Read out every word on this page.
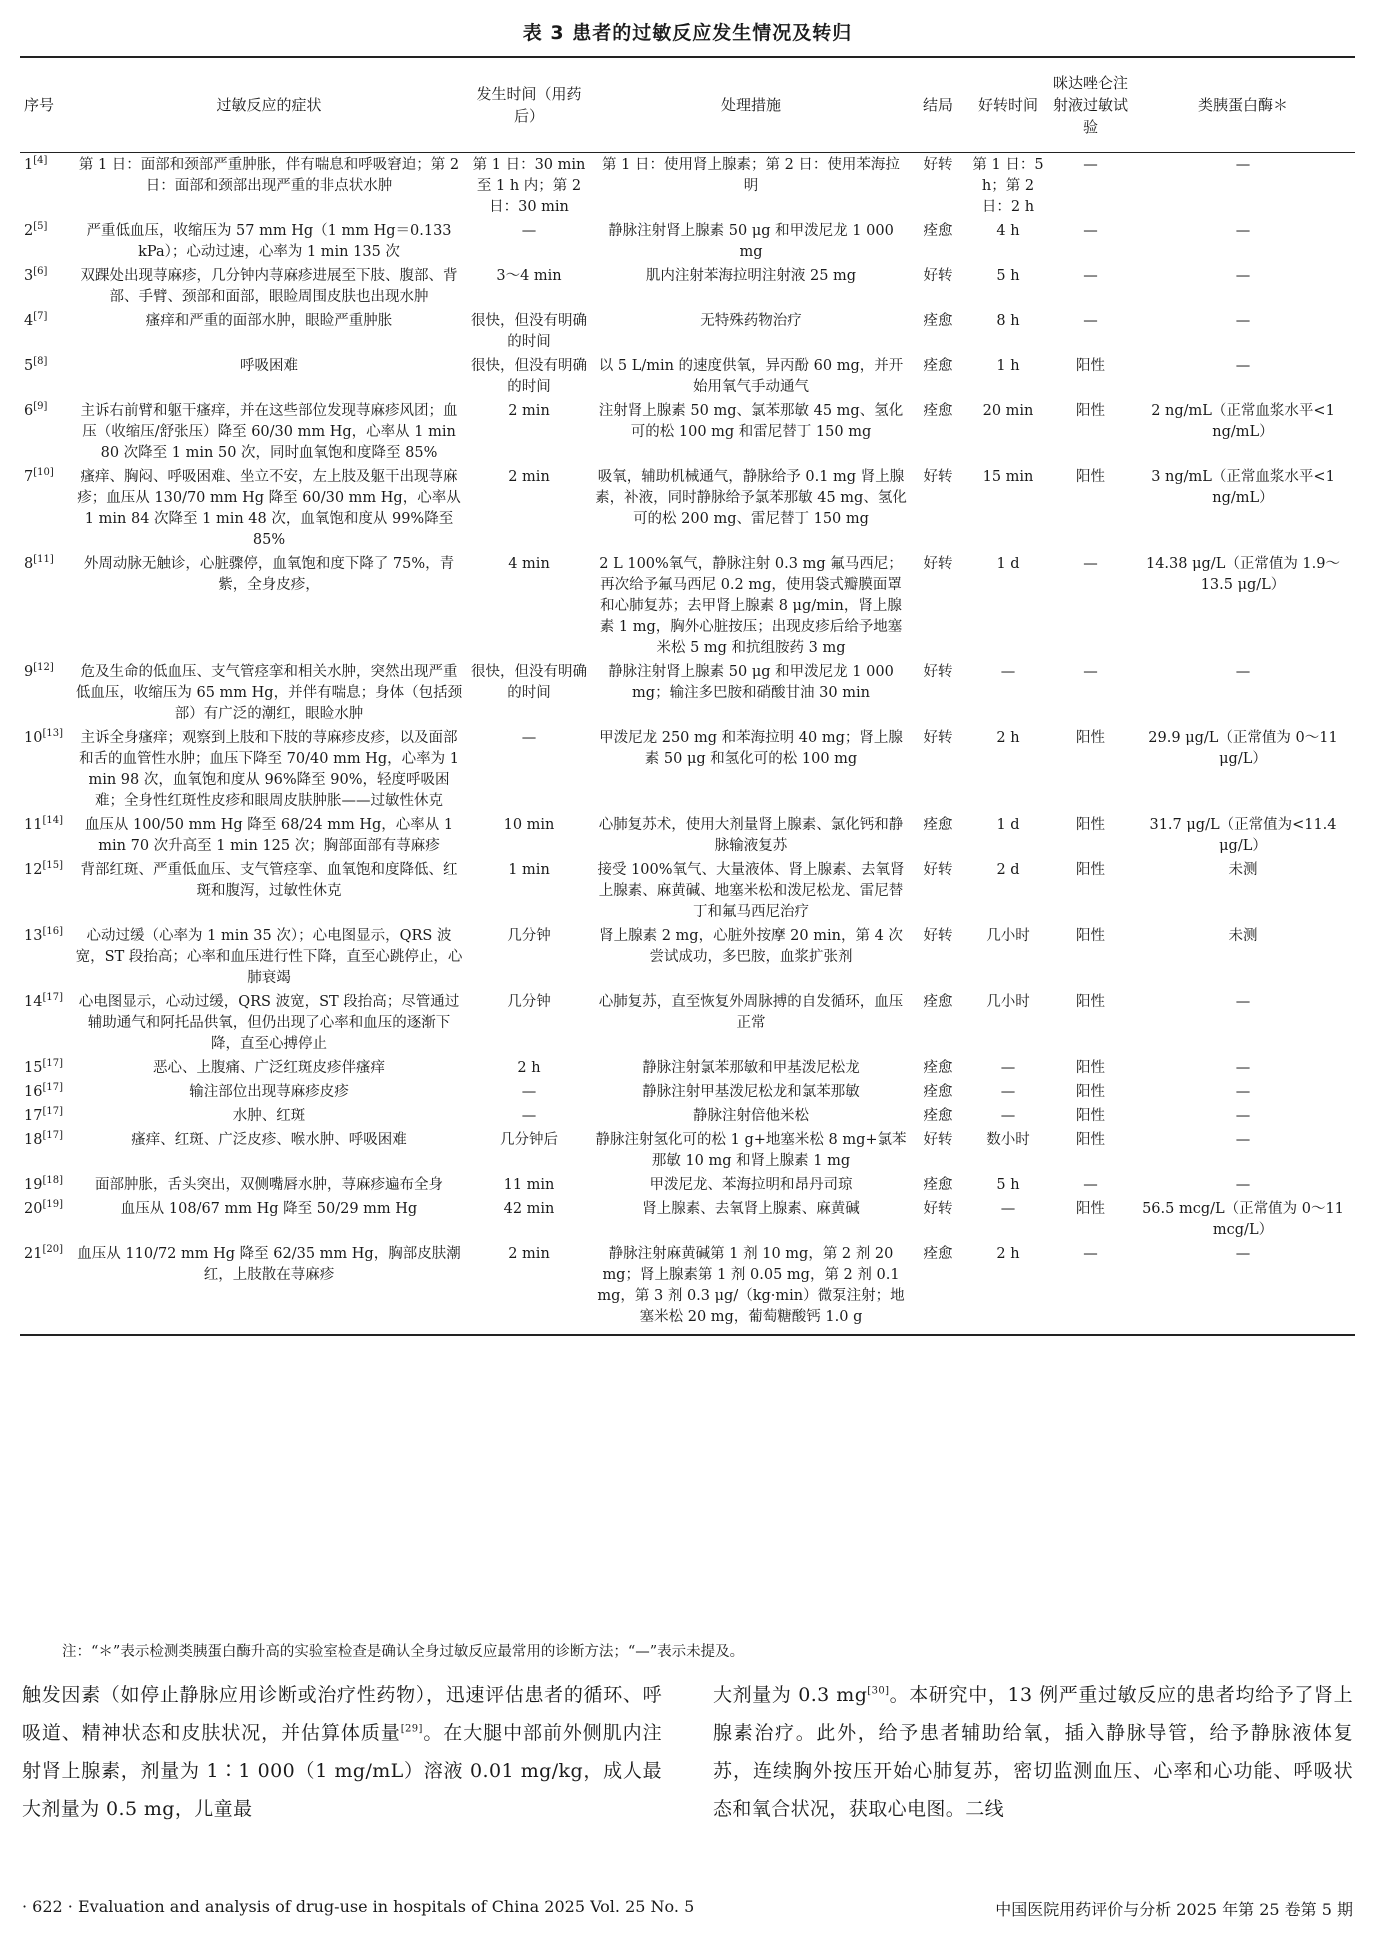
表 3 患者的过敏反应发生情况及转归
序号	过敏反应的症状	发生时间（用药后）	处理措施	结局	好转时间	咪达唑仑注射液过敏试验	类胰蛋白酶＊
1[4]	第 1 日：面部和颈部严重肿胀，伴有喘息和呼吸窘迫；第 2 日：面部和颈部出现严重的非点状水肿	第 1 日：30 min 至 1 h 内；第 2 日：30 min	第 1 日：使用肾上腺素；第 2 日：使用苯海拉明	好转	第 1 日：5 h；第 2 日：2 h	—	—
2[5]	严重低血压，收缩压为 57 mm Hg（1 mm Hg＝0.133 kPa）；心动过速，心率为 1 min 135 次	—	静脉注射肾上腺素 50 μg 和甲泼尼龙 1 000 mg	痊愈	4 h	—	—
3[6]	双踝处出现荨麻疹，几分钟内荨麻疹进展至下肢、腹部、背部、手臂、颈部和面部，眼睑周围皮肤也出现水肿	3～4 min	肌内注射苯海拉明注射液 25 mg	好转	5 h	—	—
4[7]	瘙痒和严重的面部水肿，眼睑严重肿胀	很快，但没有明确的时间	无特殊药物治疗	痊愈	8 h	—	—
5[8]	呼吸困难	很快，但没有明确的时间	以 5 L/min 的速度供氧，异丙酚 60 mg，并开始用氧气手动通气	痊愈	1 h	阳性	—
6[9]	主诉右前臂和躯干瘙痒，并在这些部位发现荨麻疹风团；血压（收缩压/舒张压）降至 60/30 mm Hg，心率从 1 min 80 次降至 1 min 50 次，同时血氧饱和度降至 85%	2 min	注射肾上腺素 50 mg、氯苯那敏 45 mg、氢化可的松 100 mg 和雷尼替丁 150 mg	痊愈	20 min	阳性	2 ng/mL（正常血浆水平<1 ng/mL）
7[10]	瘙痒、胸闷、呼吸困难、坐立不安，左上肢及躯干出现荨麻疹；血压从 130/70 mm Hg 降至 60/30 mm Hg，心率从 1 min 84 次降至 1 min 48 次，血氧饱和度从 99%降至 85%	2 min	吸氧，辅助机械通气，静脉给予 0.1 mg 肾上腺素，补液，同时静脉给予氯苯那敏 45 mg、氢化可的松 200 mg、雷尼替丁 150 mg	好转	15 min	阳性	3 ng/mL（正常血浆水平<1 ng/mL）
8[11]	外周动脉无触诊，心脏骤停，血氧饱和度下降了 75%，青紫，全身皮疹，	4 min	2 L 100%氧气，静脉注射 0.3 mg 氟马西尼；再次给予氟马西尼 0.2 mg，使用袋式瓣膜面罩和心肺复苏；去甲肾上腺素 8 μg/min，肾上腺素 1 mg，胸外心脏按压；出现皮疹后给予地塞米松 5 mg 和抗组胺药 3 mg	好转	1 d	—	14.38 μg/L（正常值为 1.9～13.5 μg/L）
9[12]	危及生命的低血压、支气管痉挛和相关水肿，突然出现严重低血压，收缩压为 65 mm Hg，并伴有喘息；身体（包括颈部）有广泛的潮红，眼睑水肿	很快，但没有明确的时间	静脉注射肾上腺素 50 μg 和甲泼尼龙 1 000 mg；输注多巴胺和硝酸甘油 30 min	好转	—	—	—
10[13]	主诉全身瘙痒；观察到上肢和下肢的荨麻疹皮疹，以及面部和舌的血管性水肿；血压下降至 70/40 mm Hg，心率为 1 min 98 次，血氧饱和度从 96%降至 90%，轻度呼吸困难；全身性红斑性皮疹和眼周皮肤肿胀——过敏性休克	—	甲泼尼龙 250 mg 和苯海拉明 40 mg；肾上腺素 50 μg 和氢化可的松 100 mg	好转	2 h	阳性	29.9 μg/L（正常值为 0～11 μg/L）
11[14]	血压从 100/50 mm Hg 降至 68/24 mm Hg，心率从 1 min 70 次升高至 1 min 125 次；胸部面部有荨麻疹	10 min	心肺复苏术，使用大剂量肾上腺素、氯化钙和静脉输液复苏	痊愈	1 d	阳性	31.7 μg/L（正常值为<11.4 μg/L）
12[15]	背部红斑、严重低血压、支气管痉挛、血氧饱和度降低、红斑和腹泻，过敏性休克	1 min	接受 100%氧气、大量液体、肾上腺素、去氧肾上腺素、麻黄碱、地塞米松和泼尼松龙、雷尼替丁和氟马西尼治疗	好转	2 d	阳性	未测
13[16]	心动过缓（心率为 1 min 35 次）；心电图显示，QRS 波宽，ST 段抬高；心率和血压进行性下降，直至心跳停止，心肺衰竭	几分钟	肾上腺素 2 mg，心脏外按摩 20 min，第 4 次尝试成功，多巴胺，血浆扩张剂	好转	几小时	阳性	未测
14[17]	心电图显示，心动过缓，QRS 波宽，ST 段抬高；尽管通过辅助通气和阿托品供氧，但仍出现了心率和血压的逐渐下降，直至心搏停止	几分钟	心肺复苏，直至恢复外周脉搏的自发循环，血压正常	痊愈	几小时	阳性	—
15[17]	恶心、上腹痛、广泛红斑皮疹伴瘙痒	2 h	静脉注射氯苯那敏和甲基泼尼松龙	痊愈	—	阳性	—
16[17]	输注部位出现荨麻疹皮疹	—	静脉注射甲基泼尼松龙和氯苯那敏	痊愈	—	阳性	—
17[17]	水肿、红斑	—	静脉注射倍他米松	痊愈	—	阳性	—
18[17]	瘙痒、红斑、广泛皮疹、喉水肿、呼吸困难	几分钟后	静脉注射氢化可的松 1 g+地塞米松 8 mg+氯苯那敏 10 mg 和肾上腺素 1 mg	好转	数小时	阳性	—
19[18]	面部肿胀，舌头突出，双侧嘴唇水肿，荨麻疹遍布全身	11 min	甲泼尼龙、苯海拉明和昂丹司琼	痊愈	5 h	—	—
20[19]	血压从 108/67 mm Hg 降至 50/29 mm Hg	42 min	肾上腺素、去氧肾上腺素、麻黄碱	好转	—	阳性	56.5 mcg/L（正常值为 0～11 mcg/L）
21[20]	血压从 110/72 mm Hg 降至 62/35 mm Hg，胸部皮肤潮红，上肢散在荨麻疹	2 min	静脉注射麻黄碱第 1 剂 10 mg，第 2 剂 20 mg；肾上腺素第 1 剂 0.05 mg，第 2 剂 0.1 mg，第 3 剂 0.3 μg/（kg·min）微泵注射；地塞米松 20 mg，葡萄糖酸钙 1.0 g	痊愈	2 h	—	—
注：“＊”表示检测类胰蛋白酶升高的实验室检查是确认全身过敏反应最常用的诊断方法；“—”表示未提及。
触发因素（如停止静脉应用诊断或治疗性药物），迅速评估患者的循环、呼吸道、精神状态和皮肤状况，并估算体质量[29]。在大腿中部前外侧肌内注射肾上腺素，剂量为 1∶1 000（1 mg/mL）溶液 0.01 mg/kg，成人最大剂量为 0.5 mg，儿童最
大剂量为 0.3 mg[30]。本研究中，13 例严重过敏反应的患者均给予了肾上腺素治疗。此外，给予患者辅助给氧，插入静脉导管，给予静脉液体复苏，连续胸外按压开始心肺复苏，密切监测血压、心率和心功能、呼吸状态和氧合状况，获取心电图。二线
· 622 · Evaluation and analysis of drug-use in hospitals of China 2025 Vol. 25 No. 5	中国医院用药评价与分析 2025 年第 25 卷第 5 期
